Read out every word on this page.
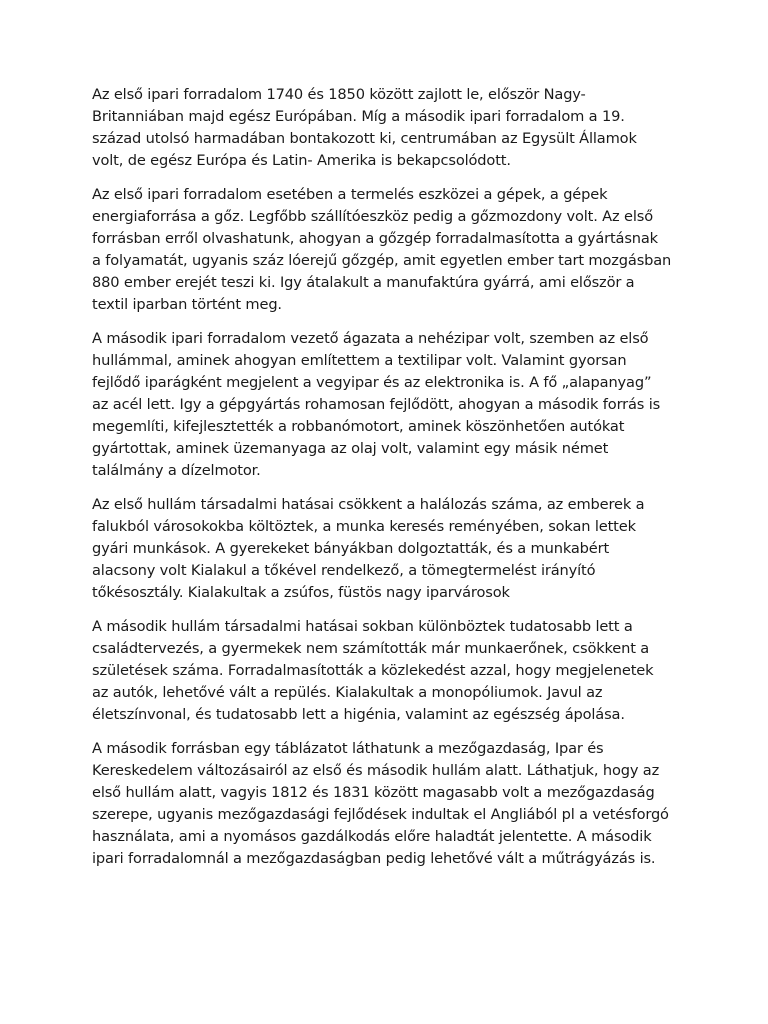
Az első ipari forradalom 1740 és 1850 között zajlott le, először Nagy-
Britanniában majd egész Európában. Míg a második ipari forradalom a 19.
század utolsó harmadában bontakozott ki, centrumában az Egysült Államok
volt, de egész Európa és Latin- Amerika is bekapcsolódott.

Az első ipari forradalom esetében a termelés eszközei a gépek, a gépek
energiaforrása a gőz. Legfőbb szállítóeszköz pedig a gőzmozdony volt. Az első
forrásban erről olvashatunk, ahogyan a gőzgép forradalmasította a gyártásnak
a folyamatát, ugyanis száz lóerejű gőzgép, amit egyetlen ember tart mozgásban
880 ember erejét teszi ki. Igy átalakult a manufaktúra gyárrá, ami először a
textil iparban történt meg.

A második ipari forradalom vezető ágazata a nehézipar volt, szemben az első
hullámmal, aminek ahogyan említettem a textilipar volt. Valamint gyorsan
fejlődő iparágként megjelent a vegyipar és az elektronika is. A fő „alapanyag”
az acél lett. Igy a gépgyártás rohamosan fejlődött, ahogyan a második forrás is
megemlíti, kifejlesztették a robbanómotort, aminek köszönhetően autókat
gyártottak, aminek üzemanyaga az olaj volt, valamint egy másik német
találmány a dízelmotor.

Az első hullám társadalmi hatásai csökkent a halálozás száma, az emberek a
falukból városokokba költöztek, a munka keresés reményében, sokan lettek
gyári munkások. A gyerekeket bányákban dolgoztatták, és a munkabért
alacsony volt Kialakul a tőkével rendelkező, a tömegtermelést irányító
tőkésosztály. Kialakultak a zsúfos, füstös nagy iparvárosok

A második hullám társadalmi hatásai sokban különböztek tudatosabb lett a
családtervezés, a gyermekek nem számították már munkaerőnek, csökkent a
születések száma. Forradalmasították a közlekedést azzal, hogy megjelenetek
az autók, lehetővé vált a repülés. Kialakultak a monopóliumok. Javul az
életszínvonal, és tudatosabb lett a higénia, valamint az egészség ápolása.

A második forrásban egy táblázatot láthatunk a mezőgazdaság, Ipar és
Kereskedelem változásairól az első és második hullám alatt. Láthatjuk, hogy az
első hullám alatt, vagyis 1812 és 1831 között magasabb volt a mezőgazdaság
szerepe, ugyanis mezőgazdasági fejlődések indultak el Angliából pl a vetésforgó
használata, ami a nyomásos gazdálkodás előre haladtát jelentette. A második
ipari forradalomnál a mezőgazdaságban pedig lehetővé vált a műtrágyázás is.
